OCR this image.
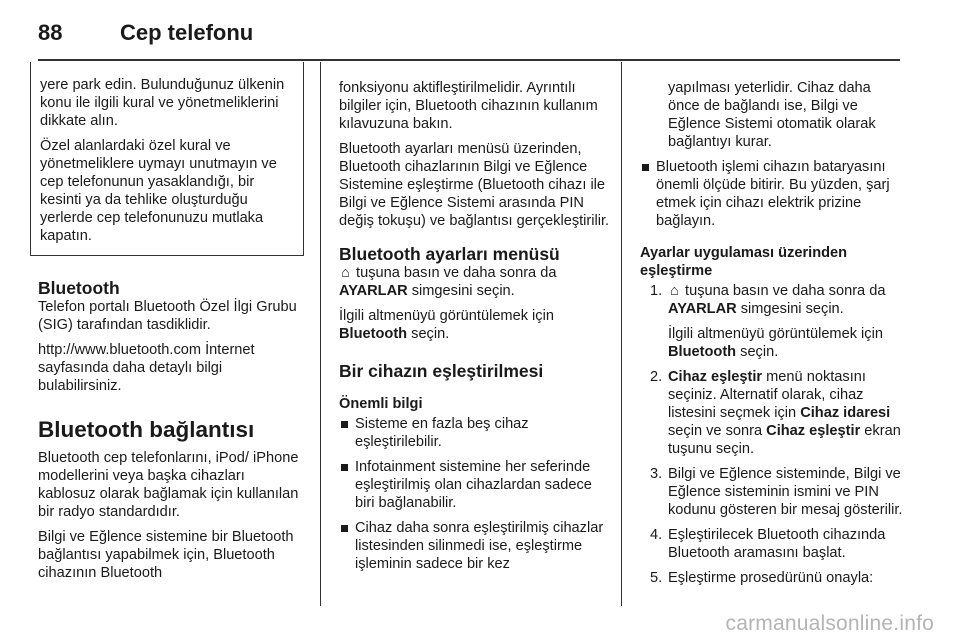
88	Cep telefonu

yere park edin. Bulunduğunuz ülkenin konu ile ilgili kural ve yönetmeliklerini dikkate alın.

Özel alanlardaki özel kural ve yönetmeliklere uymayı unutmayın ve cep telefonunun yasaklandığı, bir kesinti ya da tehlike oluşturduğu yerlerde cep telefonunuzu mutlaka kapatın.

Bluetooth

Telefon portalı Bluetooth Özel İlgi Grubu (SIG) tarafından tasdiklidir.

http://www.bluetooth.com İnternet sayfasında daha detaylı bilgi bulabilirsiniz.

Bluetooth bağlantısı

Bluetooth cep telefonlarını, iPod/ iPhone modellerini veya başka cihazları kablosuz olarak bağlamak için kullanılan bir radyo standardıdır.

Bilgi ve Eğlence sistemine bir Bluetooth bağlantısı yapabilmek için, Bluetooth cihazının Bluetooth

fonksiyonu aktifleştirilmelidir. Ayrıntılı bilgiler için, Bluetooth cihazının kullanım kılavuzuna bakın.

Bluetooth ayarları menüsü üzerinden, Bluetooth cihazlarının Bilgi ve Eğlence Sistemine eşleştirme (Bluetooth cihazı ile Bilgi ve Eğlence Sistemi arasında PIN değiş tokuşu) ve bağlantısı gerçekleştirilir.

Bluetooth ayarları menüsü

⌂ tuşuna basın ve daha sonra da AYARLAR simgesini seçin.

İlgili altmenüyü görüntülemek için Bluetooth seçin.

Bir cihazın eşleştirilmesi
Önemli bilgi
Sisteme en fazla beş cihaz eşleştirilebilir.
Infotainment sistemine her seferinde eşleştirilmiş olan cihazlardan sadece biri bağlanabilir.
Cihaz daha sonra eşleştirilmiş cihazlar listesinden silinmedi ise, eşleştirme işleminin sadece bir kez

yapılması yeterlidir. Cihaz daha önce de bağlandı ise, Bilgi ve Eğlence Sistemi otomatik olarak bağlantıyı kurar.

Bluetooth işlemi cihazın bataryasını önemli ölçüde bitirir. Bu yüzden, şarj etmek için cihazı elektrik prizine bağlayın.
Ayarlar uygulaması üzerinden eşleştirme
1. ⌂ tuşuna basın ve daha sonra da AYARLAR simgesini seçin.
İlgili altmenüyü görüntülemek için Bluetooth seçin.
2. Cihaz eşleştir menü noktasını seçiniz. Alternatif olarak, cihaz listesini seçmek için Cihaz idaresi seçin ve sonra Cihaz eşleştir ekran tuşunu seçin.
3. Bilgi ve Eğlence sisteminde, Bilgi ve Eğlence sisteminin ismini ve PIN kodunu gösteren bir mesaj gösterilir.
4. Eşleştirilecek Bluetooth cihazında Bluetooth aramasını başlat.
5. Eşleştirme prosedürünü onayla:
carmanualsonline.info
